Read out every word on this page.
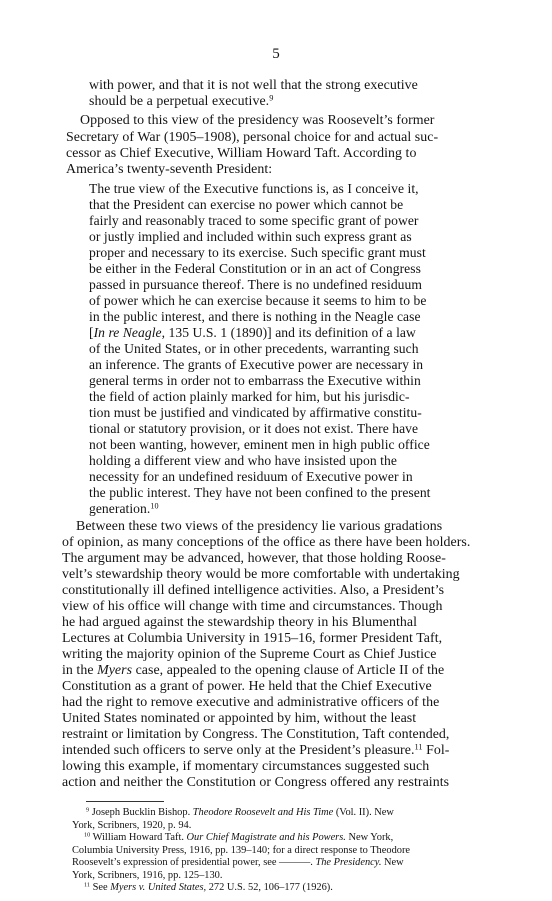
5
with power, and that it is not well that the strong executive
should be a perpetual executive.$^9$
Opposed to this view of the presidency was Roosevelt’s former
Secretary of War (1905–1908), personal choice for and actual suc-
cessor as Chief Executive, William Howard Taft. According to
America’s twenty-seventh President:
The true view of the Executive functions is, as I conceive it,
that the President can exercise no power which cannot be
fairly and reasonably traced to some specific grant of power
or justly implied and included within such express grant as
proper and necessary to its exercise. Such specific grant must
be either in the Federal Constitution or in an act of Congress
passed in pursuance thereof. There is no undefined residuum
of power which he can exercise because it seems to him to be
in the public interest, and there is nothing in the Neagle case
[In re Neagle, 135 U.S. 1 (1890)] and its definition of a law
of the United States, or in other precedents, warranting such
an inference. The grants of Executive power are necessary in
general terms in order not to embarrass the Executive within
the field of action plainly marked for him, but his jurisdic-
tion must be justified and vindicated by affirmative constitu-
tional or statutory provision, or it does not exist. There have
not been wanting, however, eminent men in high public office
holding a different view and who have insisted upon the
necessity for an undefined residuum of Executive power in
the public interest. They have not been confined to the present
generation.$^{10}$
Between these two views of the presidency lie various gradations
of opinion, as many conceptions of the office as there have been holders.
The argument may be advanced, however, that those holding Roose-
velt’s stewardship theory would be more comfortable with undertaking
constitutionally ill defined intelligence activities. Also, a President’s
view of his office will change with time and circumstances. Though
he had argued against the stewardship theory in his Blumenthal
Lectures at Columbia University in 1915–16, former President Taft,
writing the majority opinion of the Supreme Court as Chief Justice
in the Myers case, appealed to the opening clause of Article II of the
Constitution as a grant of power. He held that the Chief Executive
had the right to remove executive and administrative officers of the
United States nominated or appointed by him, without the least
restraint or limitation by Congress. The Constitution, Taft contended,
intended such officers to serve only at the President’s pleasure.$^{11}$ Fol-
lowing this example, if momentary circumstances suggested such
action and neither the Constitution or Congress offered any restraints
$^9$ Joseph Bucklin Bishop. Theodore Roosevelt and His Time (Vol. II). New
York, Scribners, 1920, p. 94.
$^{10}$ William Howard Taft. Our Chief Magistrate and his Powers. New York,
Columbia University Press, 1916, pp. 139–140; for a direct response to Theodore
Roosevelt’s expression of presidential power, see ———. The Presidency. New
York, Scribners, 1916, pp. 125–130.
$^{11}$ See Myers v. United States, 272 U.S. 52, 106–177 (1926).
